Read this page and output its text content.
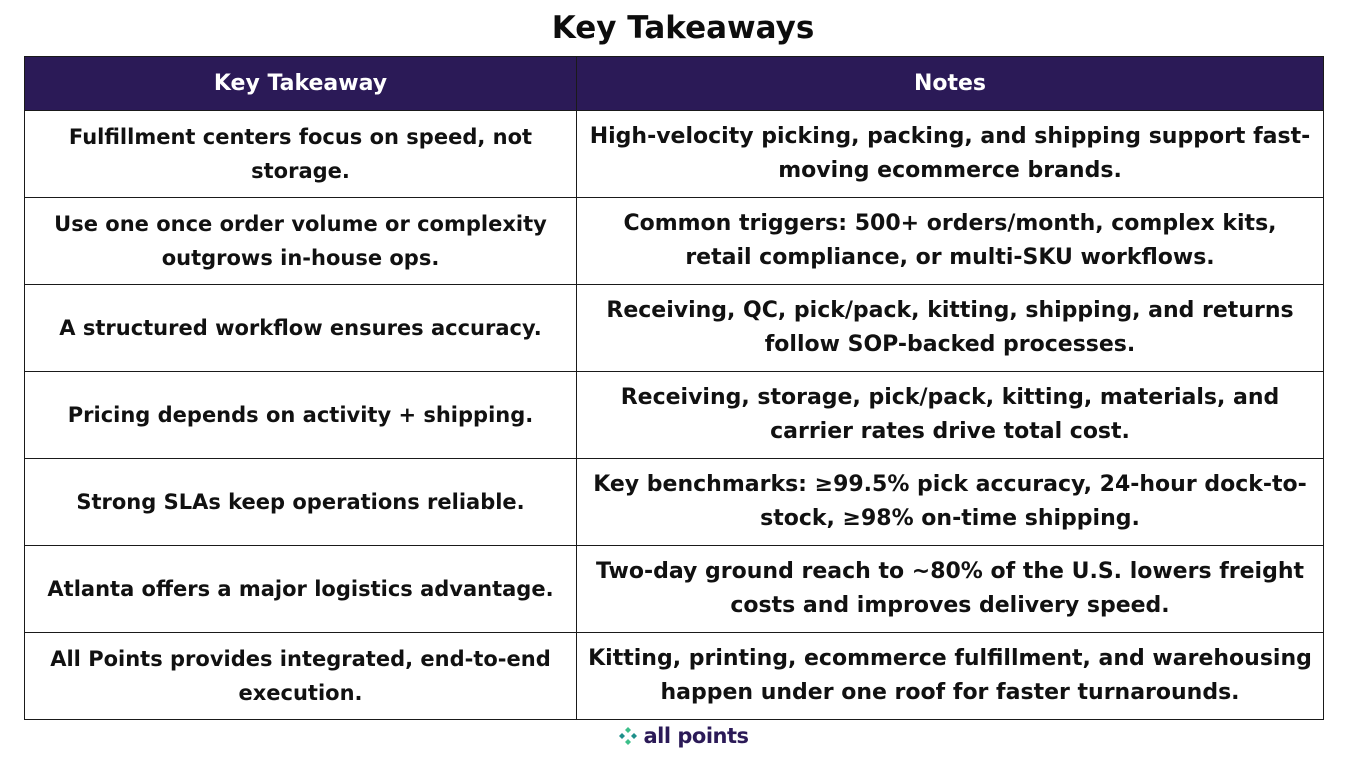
Key Takeaways
Key Takeaway	Notes
Fulfillment centers focus on speed, not storage.	High-velocity picking, packing, and shipping support fast-moving ecommerce brands.
Use one once order volume or complexity outgrows in-house ops.	Common triggers: 500+ orders/month, complex kits, retail compliance, or multi-SKU workflows.
A structured workflow ensures accuracy.	Receiving, QC, pick/pack, kitting, shipping, and returns follow SOP-backed processes.
Pricing depends on activity + shipping.	Receiving, storage, pick/pack, kitting, materials, and carrier rates drive total cost.
Strong SLAs keep operations reliable.	Key benchmarks: ≥99.5% pick accuracy, 24-hour dock-to-stock, ≥98% on-time shipping.
Atlanta offers a major logistics advantage.	Two-day ground reach to ~80% of the U.S. lowers freight costs and improves delivery speed.
All Points provides integrated, end-to-end execution.	Kitting, printing, ecommerce fulfillment, and warehousing happen under one roof for faster turnarounds.
all points
